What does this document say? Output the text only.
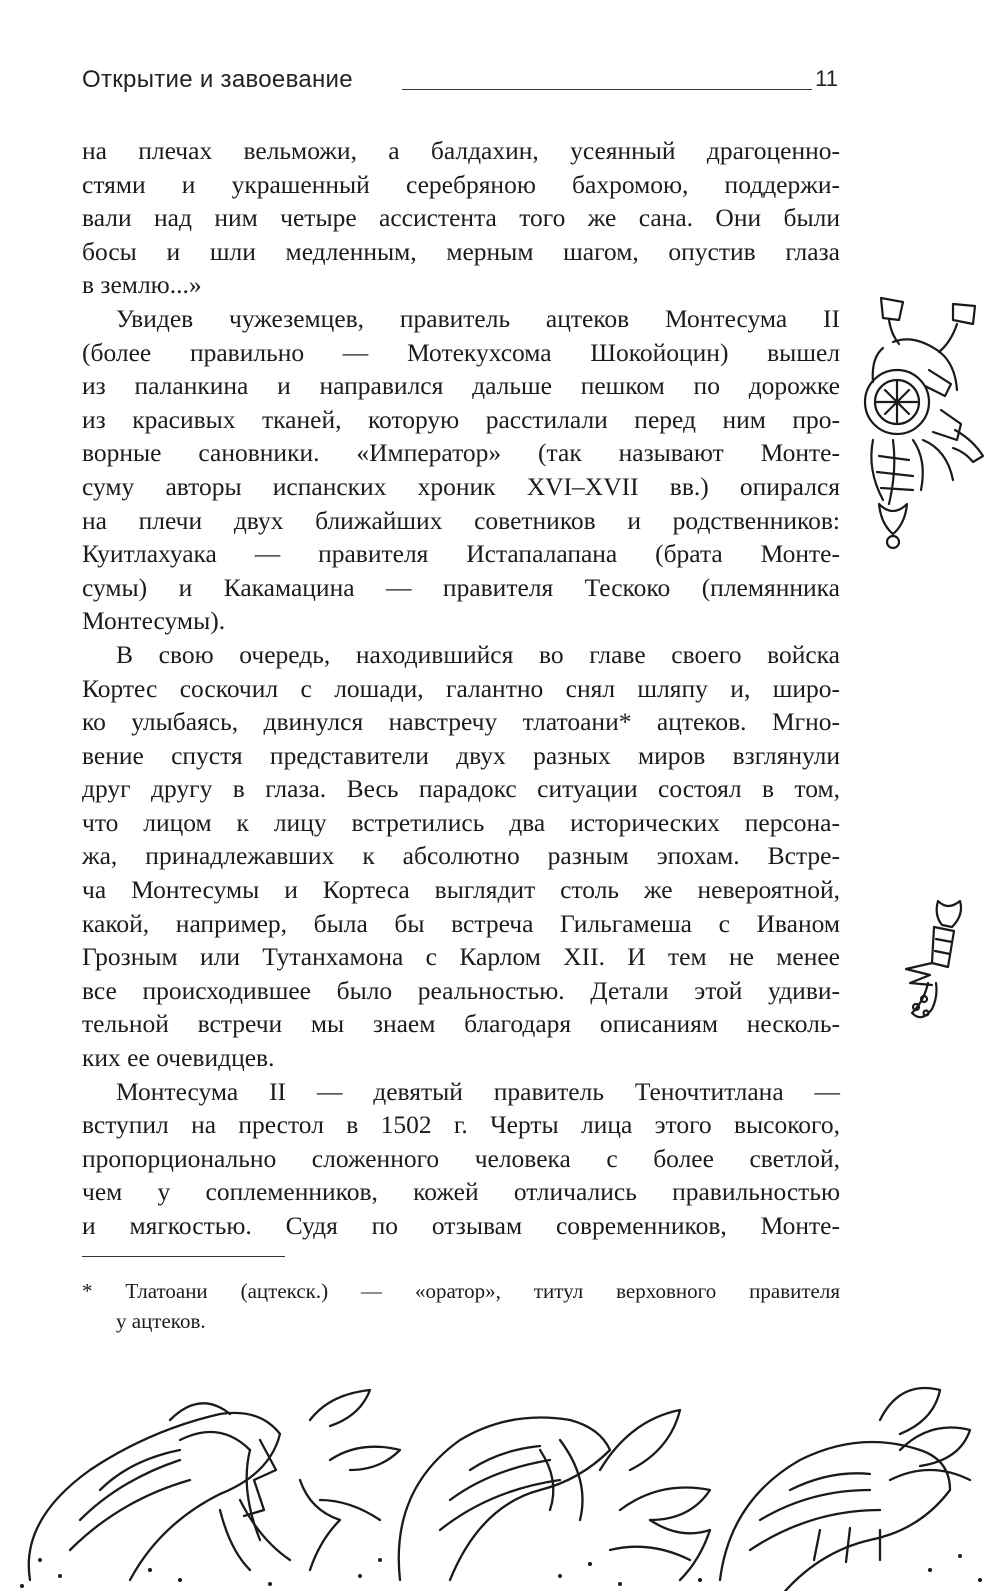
Открытие и завоевание	11
на плечах вельможи, а балдахин, усеянный драгоценно-
стями и украшенный серебряною бахромою, поддержи-
вали над ним четыре ассистента того же сана. Они были
босы и шли медленным, мерным шагом, опустив глаза
в землю...»
Увидев чужеземцев, правитель ацтеков Монтесума II
(более правильно — Мотекухсома Шокойоцин) вышел
из паланкина и направился дальше пешком по дорожке
из красивых тканей, которую расстилали перед ним про-
ворные сановники. «Император» (так называют Монте-
суму авторы испанских хроник XVI–XVII вв.) опирался
на плечи двух ближайших советников и родственников:
Куитлахуака — правителя Истапалапана (брата Монте-
сумы) и Какамацина — правителя Тескоко (племянника
Монтесумы).
В свою очередь, находившийся во главе своего войска
Кортес соскочил с лошади, галантно снял шляпу и, широ-
ко улыбаясь, двинулся навстречу тлатоани* ацтеков. Мгно-
вение спустя представители двух разных миров взглянули
друг другу в глаза. Весь парадокс ситуации состоял в том,
что лицом к лицу встретились два исторических персона-
жа, принадлежавших к абсолютно разным эпохам. Встре-
ча Монтесумы и Кортеса выглядит столь же невероятной,
какой, например, была бы встреча Гильгамеша с Иваном
Грозным или Тутанхамона с Карлом XII. И тем не менее
все происходившее было реальностью. Детали этой удиви-
тельной встречи мы знаем благодаря описаниям несколь-
ких ее очевидцев.
Монтесума II — девятый правитель Теночтитлана —
вступил на престол в 1502 г. Черты лица этого высокого,
пропорционально сложенного человека с более светлой,
чем у соплеменников, кожей отличались правильностью
и мягкостью. Судя по отзывам современников, Монте-
* Тлатоани (ацтекск.) — «оратор», титул верховного правителя
у ацтеков.
